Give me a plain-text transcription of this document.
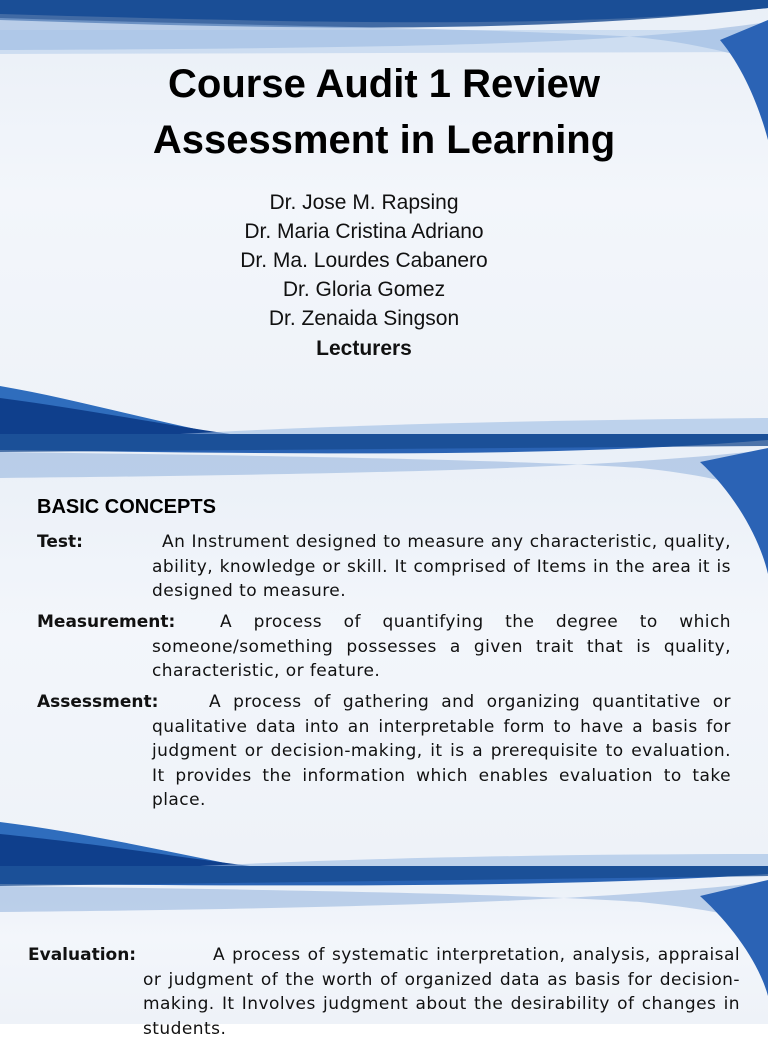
Course Audit 1 Review
Assessment in Learning
Dr. Jose M. Rapsing
Dr. Maria Cristina Adriano
Dr. Ma. Lourdes Cabanero
Dr. Gloria Gomez
Dr. Zenaida Singson
Lecturers
BASIC CONCEPTS
Test:	An Instrument designed to measure any characteristic, quality, ability, knowledge or skill. It comprised of Items in the area it is designed to measure.
Measurement:	A process of quantifying the degree to which someone/something possesses a given trait that is quality, characteristic, or feature.
Assessment:	A process of gathering and organizing quantitative or qualitative data into an interpretable form to have a basis for judgment or decision-making, it is a prerequisite to evaluation. It provides the information which enables evaluation to take place.
Evaluation:	A process of systematic interpretation, analysis, appraisal or judgment of the worth of organized data as basis for decision-making. It Involves judgment about the desirability of changes in students.
